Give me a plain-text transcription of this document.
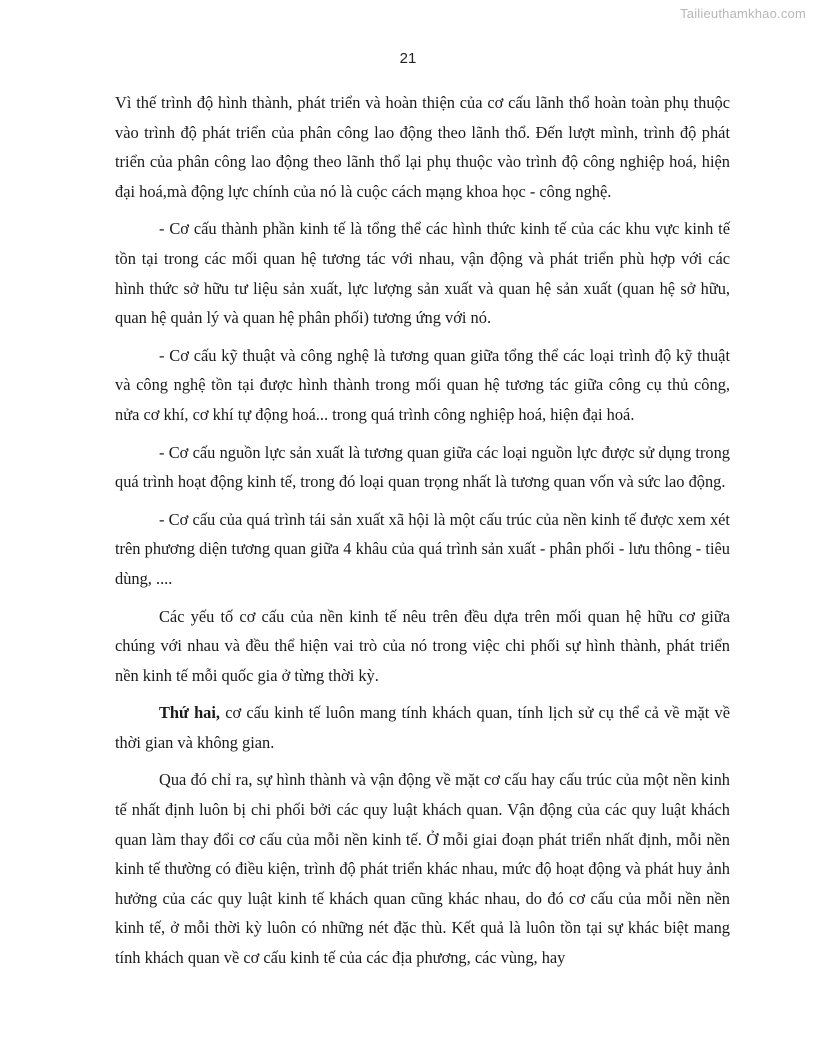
Tailieuthamkhao.com
21

Vì thế trình độ hình thành, phát triển và hoàn thiện của cơ cấu lãnh thổ hoàn toàn phụ thuộc vào trình độ phát triển của phân công lao động theo lãnh thổ. Đến lượt mình, trình độ phát triển của phân công lao động theo lãnh thổ lại phụ thuộc vào trình độ công nghiệp hoá, hiện đại hoá,mà động lực chính của nó là cuộc cách mạng khoa học - công nghệ.

- Cơ cấu thành phần kinh tế là tổng thể các hình thức kinh tế của các khu vực kinh tế tồn tại trong các mối quan hệ tương tác với nhau, vận động và phát triển phù hợp với các hình thức sở hữu tư liệu sản xuất, lực lượng sản xuất và quan hệ sản xuất (quan hệ sở hữu, quan hệ quản lý và quan hệ phân phối) tương ứng với nó.

- Cơ cấu kỹ thuật và công nghệ là tương quan giữa tổng thể các loại trình độ kỹ thuật và công nghệ tồn tại được hình thành trong mối quan hệ tương tác giữa công cụ thủ công, nửa cơ khí, cơ khí tự động hoá... trong quá trình công nghiệp hoá, hiện đại hoá.

- Cơ cấu nguồn lực sản xuất là tương quan giữa các loại nguồn lực được sử dụng trong quá trình hoạt động kinh tế, trong đó loại quan trọng nhất là tương quan vốn và sức lao động.

- Cơ cấu của quá trình tái sản xuất xã hội là một cấu trúc của nền kinh tế được xem xét trên phương diện tương quan giữa 4 khâu của quá trình sản xuất - phân phối - lưu thông - tiêu dùng, ....

Các yếu tố cơ cấu của nền kinh tế nêu trên đều dựa trên mối quan hệ hữu cơ giữa chúng với nhau và đều thể hiện vai trò của nó trong việc chi phối sự hình thành, phát triển nền kinh tế mỗi quốc gia ở từng thời kỳ.

Thứ hai, cơ cấu kinh tế luôn mang tính khách quan, tính lịch sử cụ thể cả về mặt về thời gian và không gian.

Qua đó chỉ ra, sự hình thành và vận động về mặt cơ cấu hay cấu trúc của một nền kinh tế nhất định luôn bị chi phối bởi các quy luật khách quan. Vận động của các quy luật khách quan làm thay đổi cơ cấu của mỗi nền kinh tế. Ở mỗi giai đoạn phát triển nhất định, mỗi nền kinh tế thường có điều kiện, trình độ phát triển khác nhau, mức độ hoạt động và phát huy ảnh hưởng của các quy luật kinh tế khách quan cũng khác nhau, do đó cơ cấu của mỗi nền nền kinh tế, ở mỗi thời kỳ luôn có những nét đặc thù. Kết quả là luôn tồn tại sự khác biệt mang tính khách quan về cơ cấu kinh tế của các địa phương, các vùng, hay
